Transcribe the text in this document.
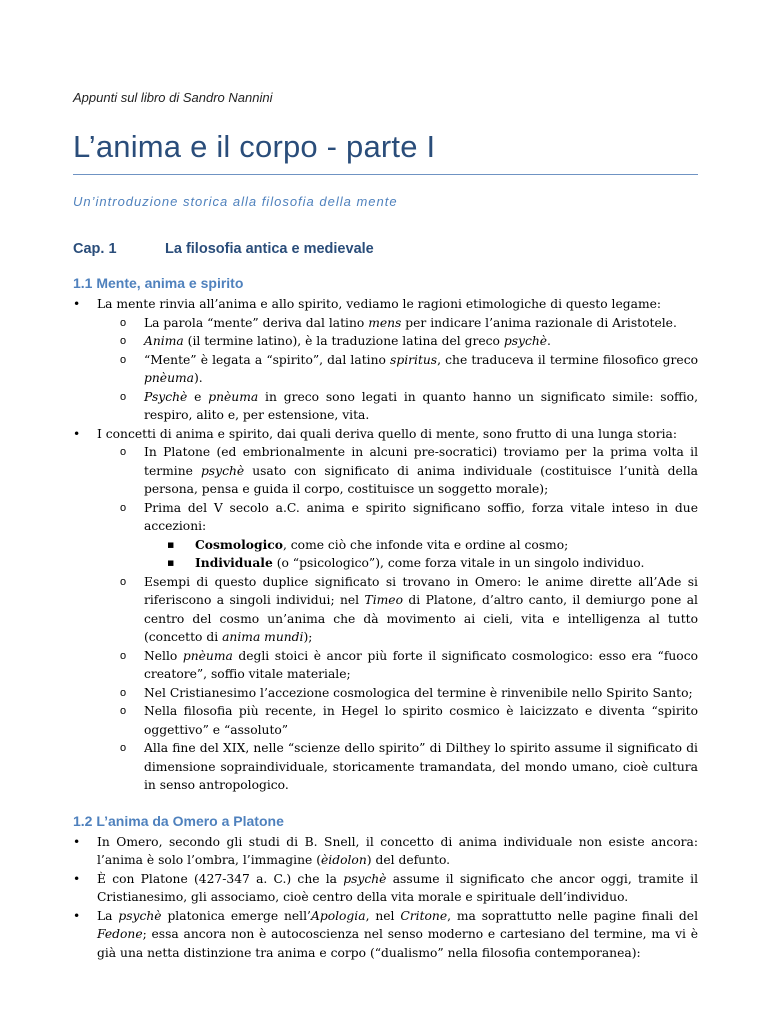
Appunti sul libro di Sandro Nannini

L’anima e il corpo - parte I

Un’introduzione storica alla filosofia della mente

Cap. 1	La filosofia antica e medievale
1.1 Mente, anima e spirito
• La mente rinvia all’anima e allo spirito, vediamo le ragioni etimologiche di questo legame:
o La parola “mente” deriva dal latino mens per indicare l’anima razionale di Aristotele.
o Anima (il termine latino), è la traduzione latina del greco psychè.
o “Mente” è legata a “spirito”, dal latino spiritus, che traduceva il termine filosofico greco pnèuma).
o Psychè e pnèuma in greco sono legati in quanto hanno un significato simile: soffio, respiro, alito e, per estensione, vita.
• I concetti di anima e spirito, dai quali deriva quello di mente, sono frutto di una lunga storia:
o In Platone (ed embrionalmente in alcuni pre-socratici) troviamo per la prima volta il termine psychè usato con significato di anima individuale (costituisce l’unità della persona, pensa e guida il corpo, costituisce un soggetto morale);
o Prima del V secolo a.C. anima e spirito significano soffio, forza vitale inteso in due accezioni:
▪ Cosmologico, come ciò che infonde vita e ordine al cosmo;
▪ Individuale (o “psicologico”), come forza vitale in un singolo individuo.
o Esempi di questo duplice significato si trovano in Omero: le anime dirette all’Ade si riferiscono a singoli individui; nel Timeo di Platone, d’altro canto, il demiurgo pone al centro del cosmo un’anima che dà movimento ai cieli, vita e intelligenza al tutto (concetto di anima mundi);
o Nello pnèuma degli stoici è ancor più forte il significato cosmologico: esso era “fuoco creatore”, soffio vitale materiale;
o Nel Cristianesimo l’accezione cosmologica del termine è rinvenibile nello Spirito Santo;
o Nella filosofia più recente, in Hegel lo spirito cosmico è laicizzato e diventa “spirito oggettivo” e “assoluto”
o Alla fine del XIX, nelle “scienze dello spirito” di Dilthey lo spirito assume il significato di dimensione sopraindividuale, storicamente tramandata, del mondo umano, cioè cultura in senso antropologico.
1.2 L’anima da Omero a Platone
• In Omero, secondo gli studi di B. Snell, il concetto di anima individuale non esiste ancora: l’anima è solo l’ombra, l’immagine (èidolon) del defunto.
• È con Platone (427-347 a. C.) che la psychè assume il significato che ancor oggi, tramite il Cristianesimo, gli associamo, cioè centro della vita morale e spirituale dell’individuo.
• La psychè platonica emerge nell’Apologia, nel Critone, ma soprattutto nelle pagine finali del Fedone; essa ancora non è autocoscienza nel senso moderno e cartesiano del termine, ma vi è già una netta distinzione tra anima e corpo (“dualismo” nella filosofia contemporanea):
